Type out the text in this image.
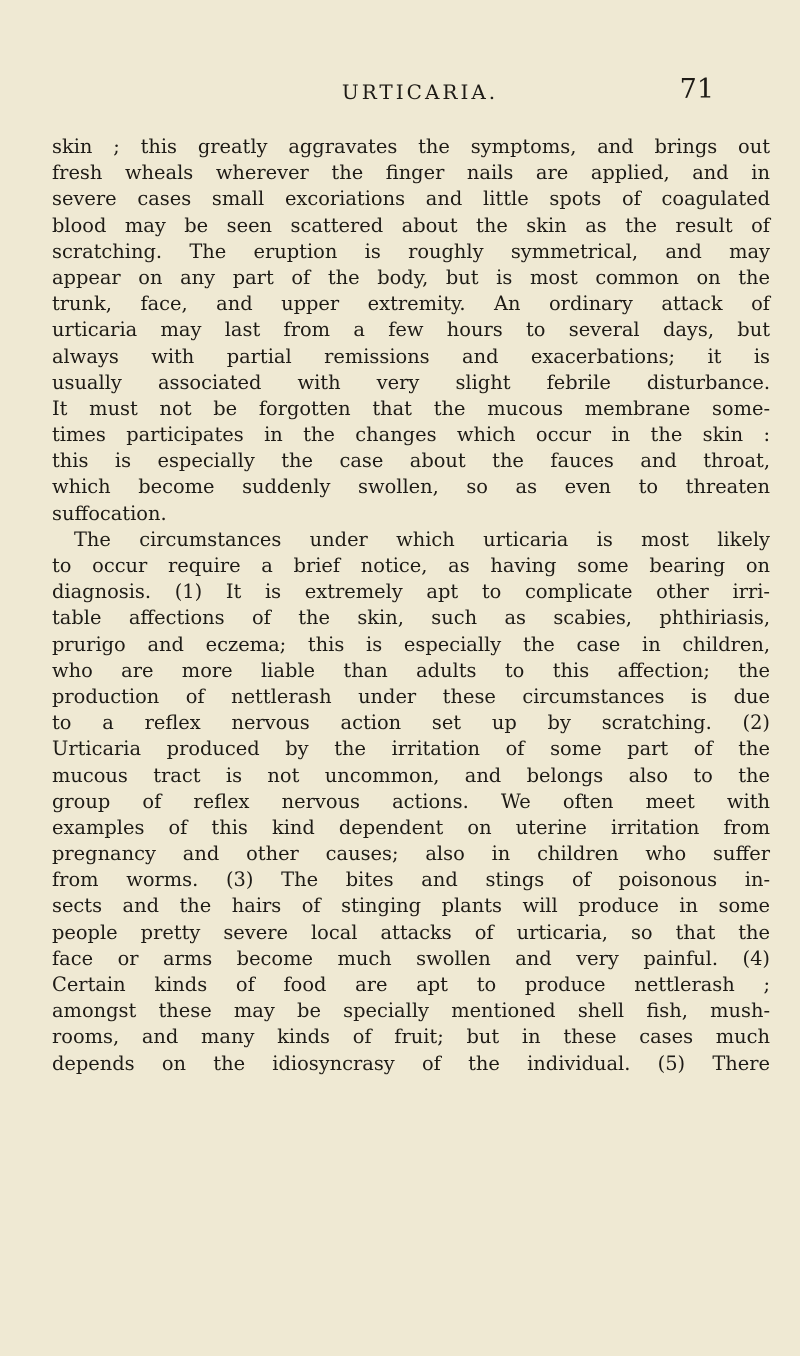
URTICARIA.	71
skin ; this greatly aggravates the symptoms, and brings out
fresh wheals wherever the finger nails are applied, and in
severe cases small excoriations and little spots of coagulated
blood may be seen scattered about the skin as the result of
scratching. The eruption is roughly symmetrical, and may
appear on any part of the body, but is most common on the
trunk, face, and upper extremity. An ordinary attack of
urticaria may last from a few hours to several days, but
always with partial remissions and exacerbations; it is
usually associated with very slight febrile disturbance.
It must not be forgotten that the mucous membrane some-
times participates in the changes which occur in the skin :
this is especially the case about the fauces and throat,
which become suddenly swollen, so as even to threaten
suffocation.
The circumstances under which urticaria is most likely
to occur require a brief notice, as having some bearing on
diagnosis. (1) It is extremely apt to complicate other irri-
table affections of the skin, such as scabies, phthiriasis,
prurigo and eczema; this is especially the case in children,
who are more liable than adults to this affection; the
production of nettlerash under these circumstances is due
to a reflex nervous action set up by scratching. (2)
Urticaria produced by the irritation of some part of the
mucous tract is not uncommon, and belongs also to the
group of reflex nervous actions. We often meet with
examples of this kind dependent on uterine irritation from
pregnancy and other causes; also in children who suffer
from worms. (3) The bites and stings of poisonous in-
sects and the hairs of stinging plants will produce in some
people pretty severe local attacks of urticaria, so that the
face or arms become much swollen and very painful. (4)
Certain kinds of food are apt to produce nettlerash ;
amongst these may be specially mentioned shell fish, mush-
rooms, and many kinds of fruit; but in these cases much
depends on the idiosyncrasy of the individual. (5) There
